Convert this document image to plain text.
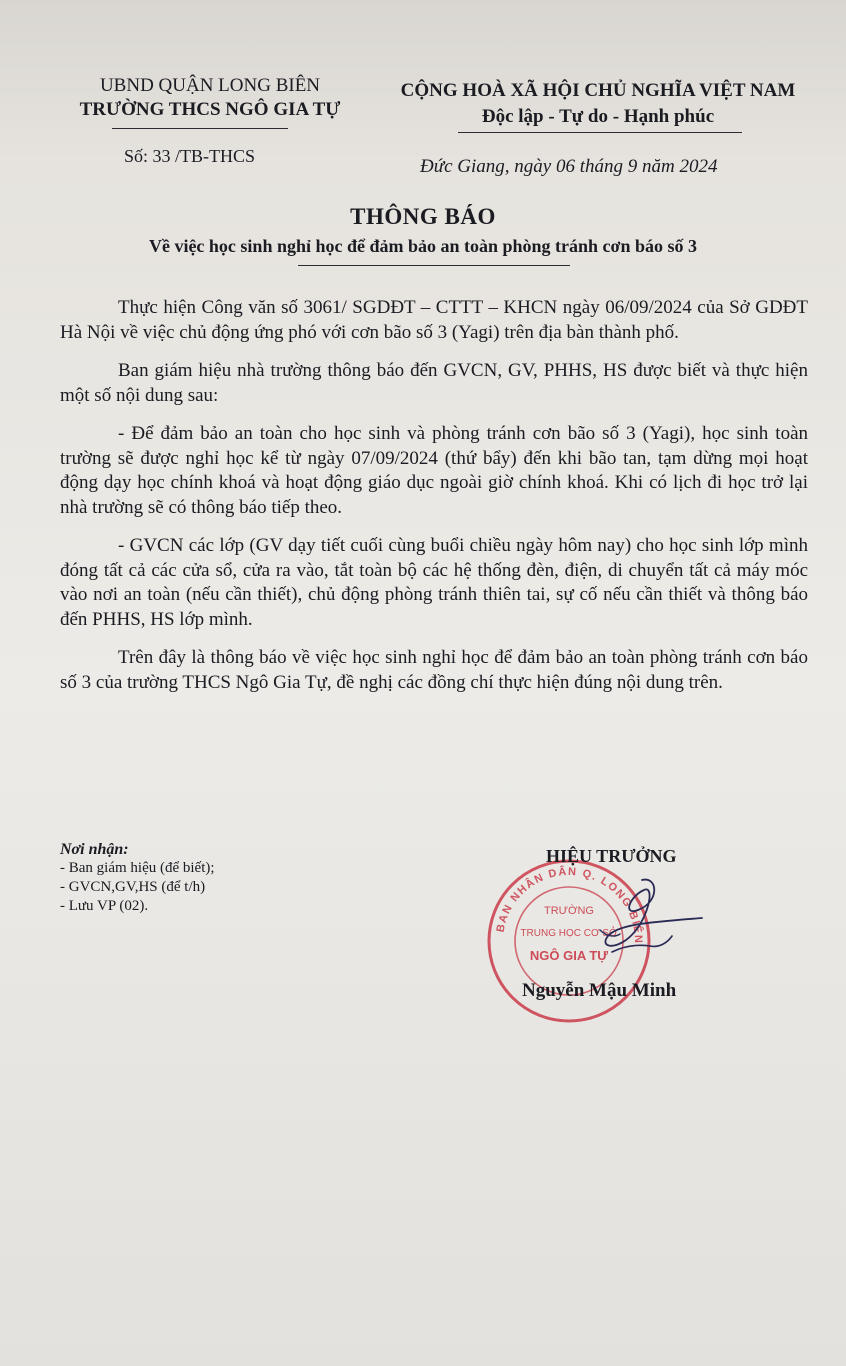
UBND QUẬN LONG BIÊN
TRƯỜNG THCS NGÔ GIA TỰ
CỘNG HOÀ XÃ HỘI CHỦ NGHĨA VIỆT NAM
Độc lập - Tự do - Hạnh phúc
Số: 33 /TB-THCS	Đức Giang, ngày 06 tháng 9 năm 2024
THÔNG BÁO
Về việc học sinh nghỉ học để đảm bảo an toàn phòng tránh cơn báo số 3

Thực hiện Công văn số 3061/ SGDĐT – CTTT – KHCN ngày 06/09/2024 của Sở GDĐT Hà Nội về việc chủ động ứng phó với cơn bão số 3 (Yagi) trên địa bàn thành phố.

Ban giám hiệu nhà trường thông báo đến GVCN, GV, PHHS, HS được biết và thực hiện một số nội dung sau:

- Để đảm bảo an toàn cho học sinh và phòng tránh cơn bão số 3 (Yagi), học sinh toàn trường sẽ được nghỉ học kể từ ngày 07/09/2024 (thứ bẩy) đến khi bão tan, tạm dừng mọi hoạt động dạy học chính khoá và hoạt động giáo dục ngoài giờ chính khoá. Khi có lịch đi học trở lại nhà trường sẽ có thông báo tiếp theo.

- GVCN các lớp (GV dạy tiết cuối cùng buổi chiều ngày hôm nay) cho học sinh lớp mình đóng tất cả các cửa sổ, cửa ra vào, tắt toàn bộ các hệ thống đèn, điện, di chuyển tất cả máy móc vào nơi an toàn (nếu cần thiết), chủ động phòng tránh thiên tai, sự cố nếu cần thiết và thông báo đến PHHS, HS lớp mình.

Trên đây là thông báo về việc học sinh nghỉ học để đảm bảo an toàn phòng tránh cơn báo số 3 của trường THCS Ngô Gia Tự, đề nghị các đồng chí thực hiện đúng nội dung trên.

Nơi nhận:
- Ban giám hiệu (để biết);
- GVCN,GV,HS (để t/h)
- Lưu VP (02).
BAN NHÂN DÂN Q. LONG BIÊN
TRƯỜNG
TRUNG HỌC CƠ SỞ
NGÔ GIA TỰ
HIỆU TRƯỞNG
Nguyễn Mậu Minh
